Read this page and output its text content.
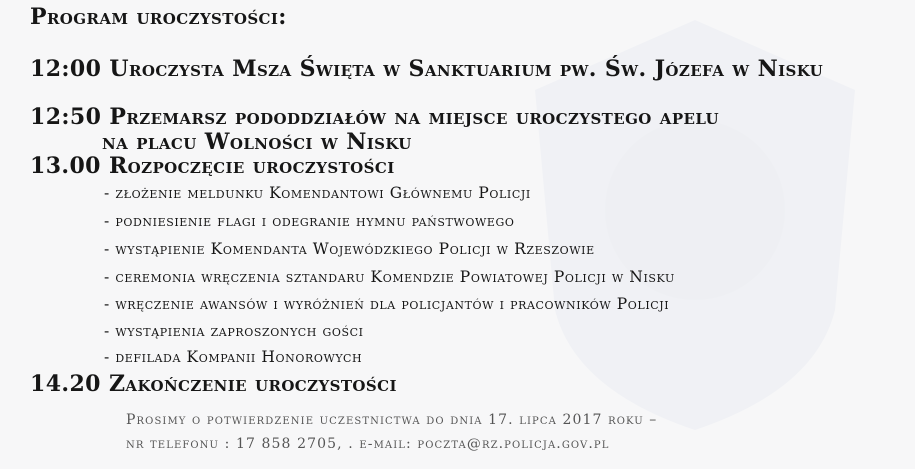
Program uroczystości:
12:00 Uroczysta Msza Święta w Sanktuarium pw. Św. Józefa w Nisku
12:50 Przemarsz pododdziałów na miejsce uroczystego apelu
na placu Wolności w Nisku
13.00 Rozpoczęcie uroczystości
- złożenie meldunku Komendantowi Głównemu Policji
- podniesienie flagi i odegranie hymnu państwowego
- wystąpienie Komendanta Wojewódzkiego Policji w Rzeszowie
- ceremonia wręczenia sztandaru Komendzie Powiatowej Policji w Nisku
- wręczenie awansów i wyróżnień dla policjantów i pracowników Policji
- wystąpienia zaproszonych gości
- defilada Kompanii Honorowych
14.20 Zakończenie uroczystości
Prosimy o potwierdzenie uczestnictwa do dnia 17. lipca 2017 roku –
nr telefonu : 17 858 2705, . e-mail: poczta@rz.policja.gov.pl
